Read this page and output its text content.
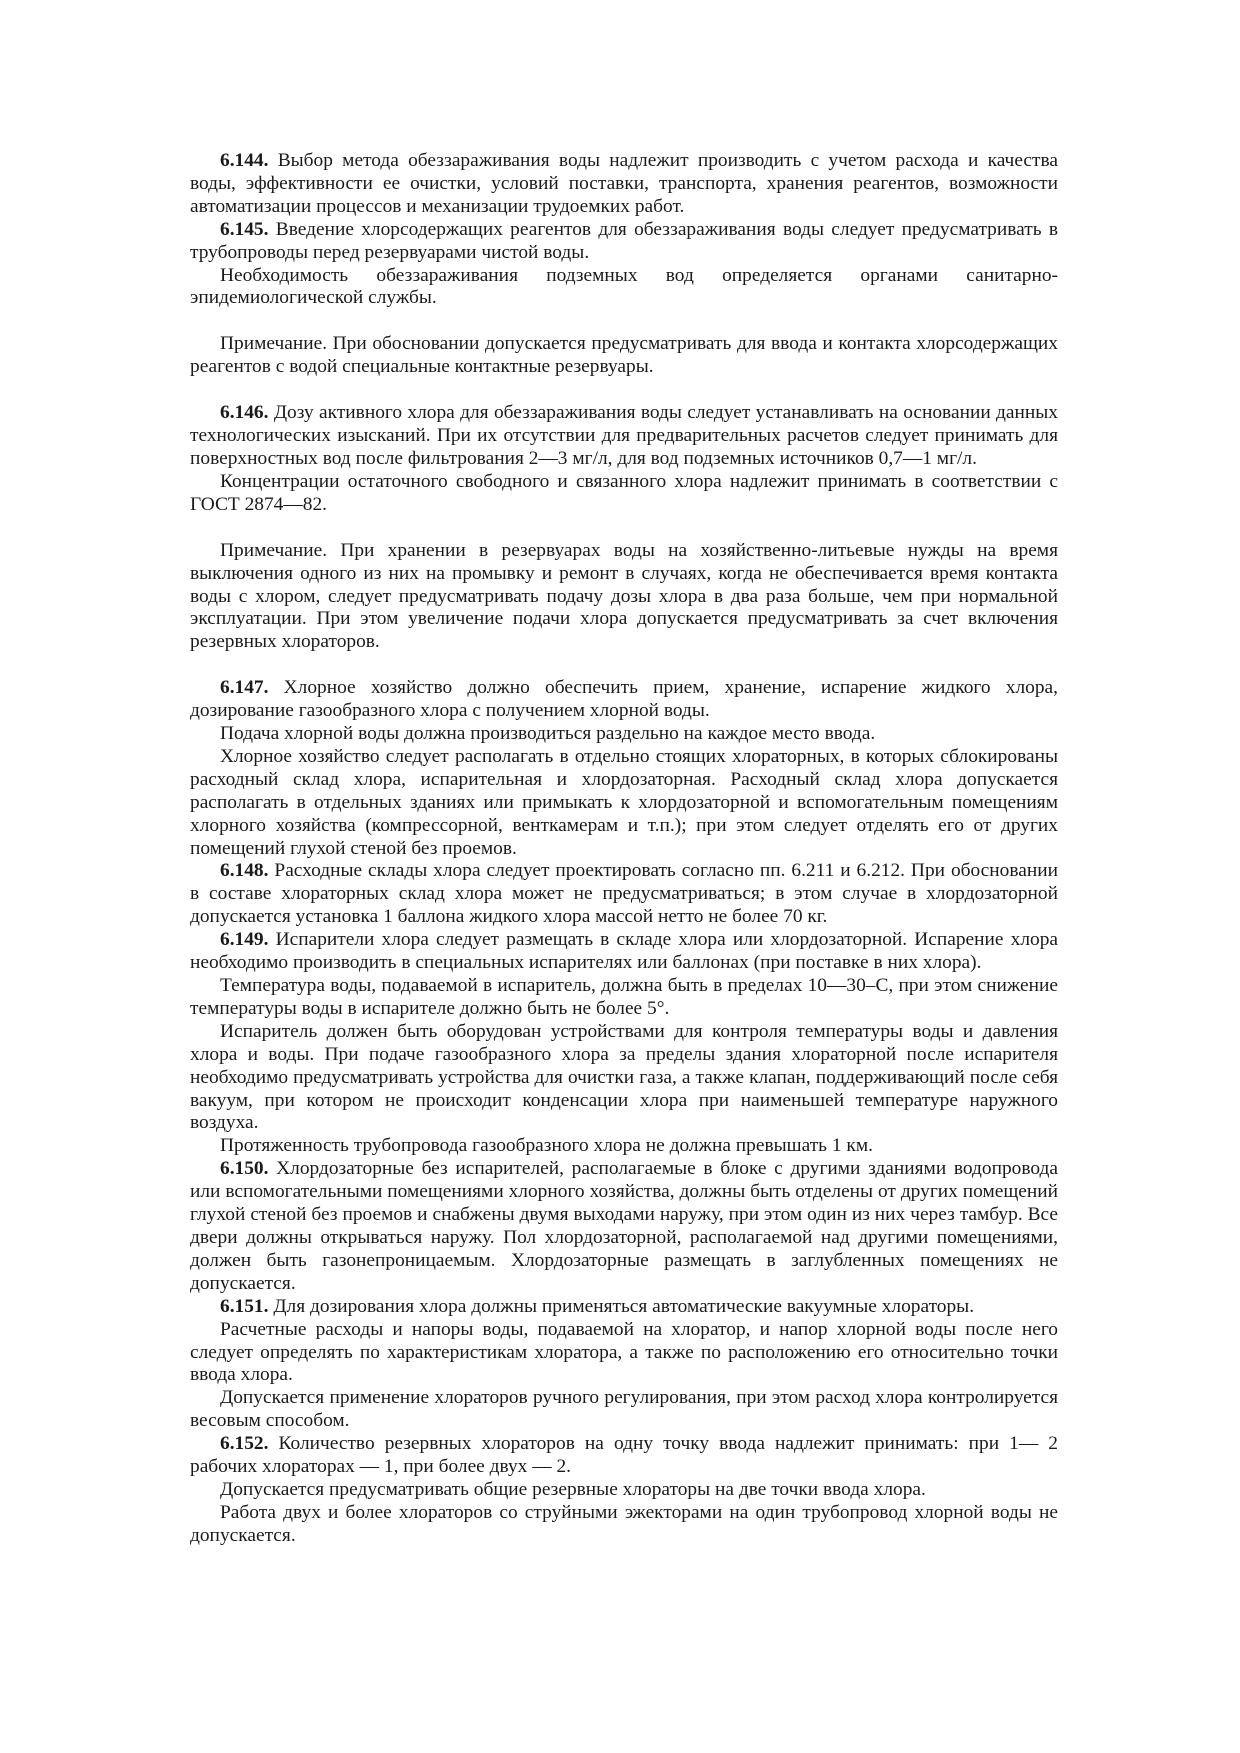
6.144. Выбор метода обеззараживания воды надлежит производить с учетом расхода и качества воды, эффективности ее очистки, условий поставки, транспорта, хранения реагентов, возможности автоматизации процессов и механизации трудоемких работ.

6.145. Введение хлорсодержащих реагентов для обеззараживания воды следует предусматривать в трубопроводы перед резервуарами чистой воды.

Необходимость обеззараживания подземных вод определяется органами санитарно-эпидемиологической службы.

Примечание. При обосновании допускается предусматривать для ввода и контакта хлорсодержащих реагентов с водой специальные контактные резервуары.

6.146. Дозу активного хлора для обеззараживания воды следует устанавливать на основании данных технологических изысканий. При их отсутствии для предварительных расчетов следует принимать для поверхностных вод после фильтрования 2—3 мг/л, для вод подземных источников 0,7—1 мг/л.

Концентрации остаточного свободного и связанного хлора надлежит принимать в соответствии с ГОСТ 2874—82.

Примечание. При хранении в резервуарах воды на хозяйственно-литьевые нужды на время выключения одного из них на промывку и ремонт в случаях, когда не обеспечивается время контакта воды с хлором, следует предусматривать подачу дозы хлора в два раза больше, чем при нормальной эксплуатации. При этом увеличение подачи хлора допускается предусматривать за счет включения резервных хлораторов.

6.147. Хлорное хозяйство должно обеспечить прием, хранение, испарение жидкого хлора, дозирование газообразного хлора с получением хлорной воды.

Подача хлорной воды должна производиться раздельно на каждое место ввода.

Хлорное хозяйство следует располагать в отдельно стоящих хлораторных, в которых сблокированы расходный склад хлора, испарительная и хлордозаторная. Расходный склад хлора допускается располагать в отдельных зданиях или примыкать к хлордозаторной и вспомогательным помещениям хлорного хозяйства (компрессорной, венткамерам и т.п.); при этом следует отделять его от других помещений глухой стеной без проемов.

6.148. Расходные склады хлора следует проектировать согласно пп. 6.211 и 6.212. При обосновании в составе хлораторных склад хлора может не предусматриваться; в этом случае в хлордозаторной допускается установка 1 баллона жидкого хлора массой нетто не более 70 кг.

6.149. Испарители хлора следует размещать в складе хлора или хлордозаторной. Испарение хлора необходимо производить в специальных испарителях или баллонах (при поставке в них хлора).

Температура воды, подаваемой в испаритель, должна быть в пределах 10—30‒С, при этом снижение температуры воды в испарителе должно быть не более 5°.

Испаритель должен быть оборудован устройствами для контроля температуры воды и давления хлора и воды. При подаче газообразного хлора за пределы здания хлораторной после испарителя необходимо предусматривать устройства для очистки газа, а также клапан, поддерживающий после себя вакуум, при котором не происходит конденсации хлора при наименьшей температуре наружного воздуха.

Протяженность трубопровода газообразного хлора не должна превышать 1 км.

6.150. Хлордозаторные без испарителей, располагаемые в блоке с другими зданиями водопровода или вспомогательными помещениями хлорного хозяйства, должны быть отделены от других помещений глухой стеной без проемов и снабжены двумя выходами наружу, при этом один из них через тамбур. Все двери должны открываться наружу. Пол хлордозаторной, располагаемой над другими помещениями, должен быть газонепроницаемым. Хлордозаторные размещать в заглубленных помещениях не допускается.

6.151. Для дозирования хлора должны применяться автоматические вакуумные хлораторы.

Расчетные расходы и напоры воды, подаваемой на хлоратор, и напор хлорной воды после него следует определять по характеристикам хлоратора, а также по расположению его относительно точки ввода хлора.

Допускается применение хлораторов ручного регулирования, при этом расход хлора контролируется весовым способом.

6.152. Количество резервных хлораторов на одну точку ввода надлежит принимать: при 1— 2 рабочих хлораторах — 1, при более двух — 2.

Допускается предусматривать общие резервные хлораторы на две точки ввода хлора.

Работа двух и более хлораторов со струйными эжекторами на один трубопровод хлорной воды не допускается.
